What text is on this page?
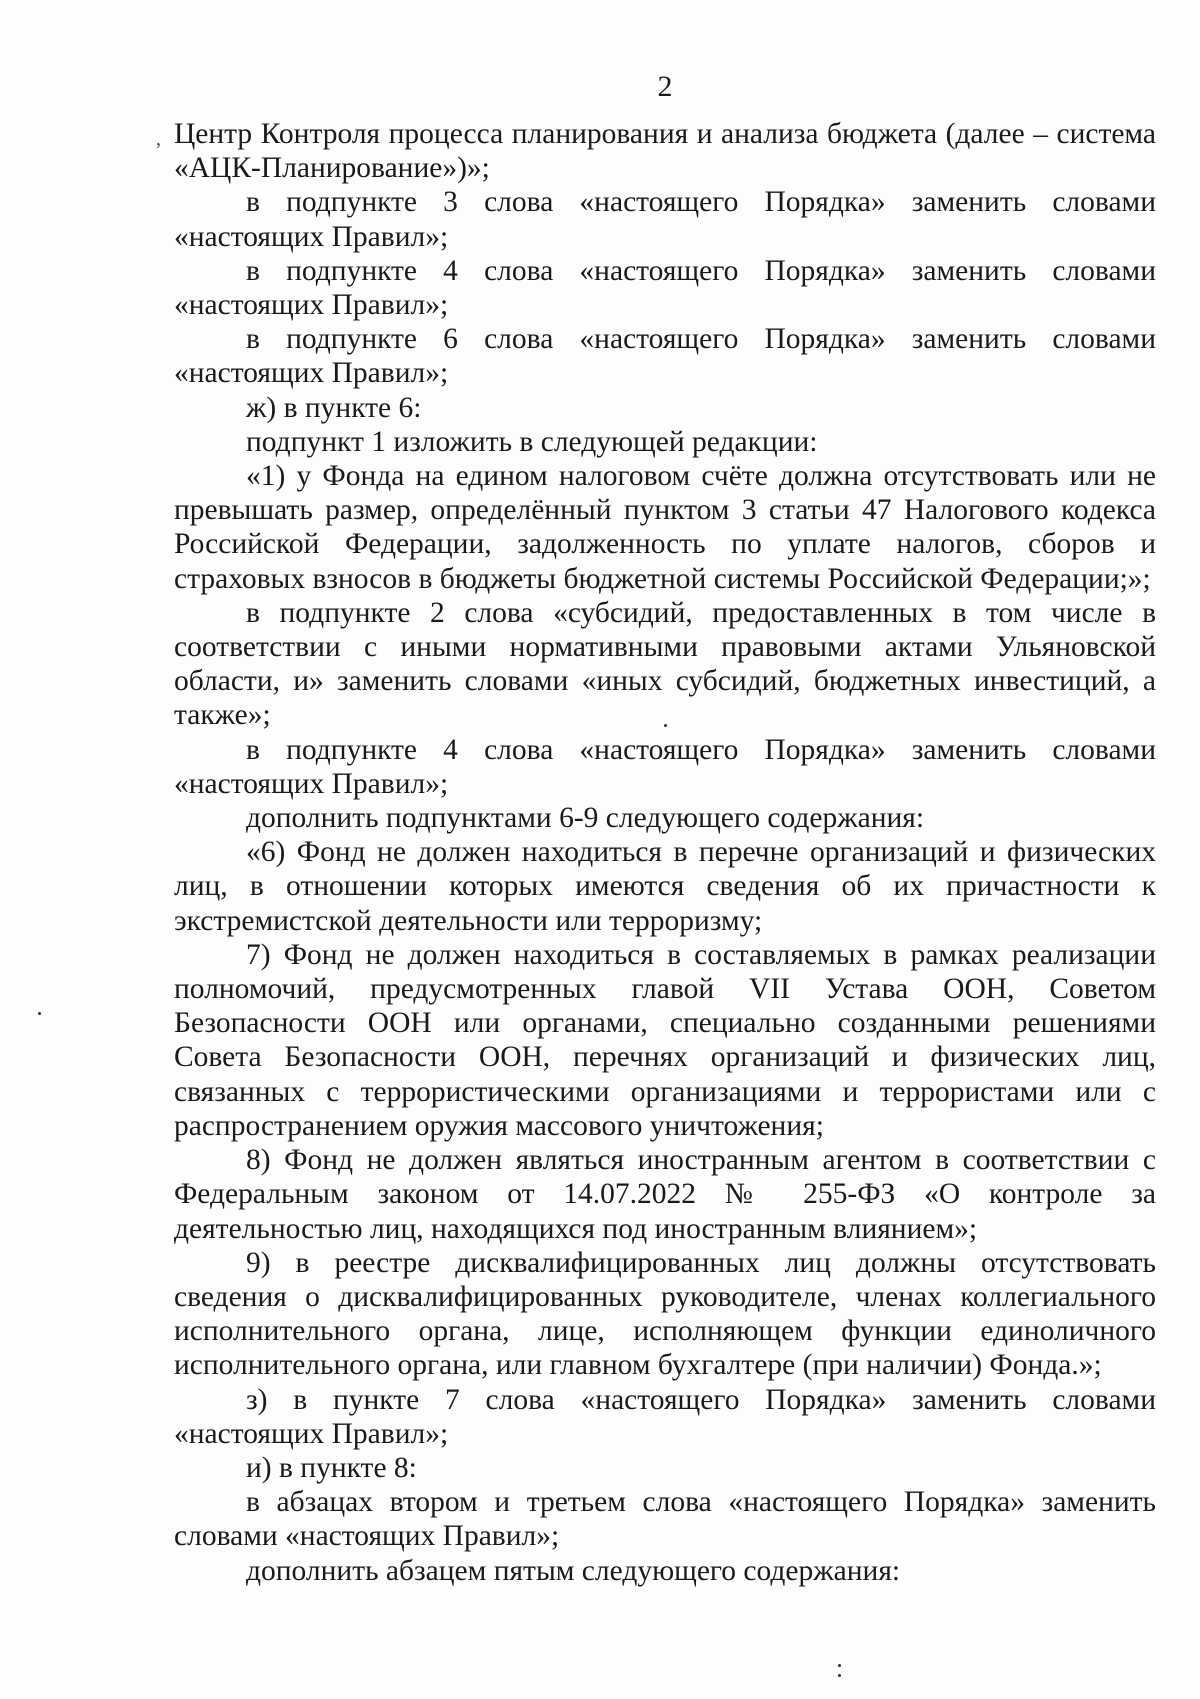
2
, Центр Контроля процесса планирования и анализа бюджета (далее – система «АЦК-Планирование»)»;

в подпункте 3 слова «настоящего Порядка» заменить словами «настоящих Правил»;

в подпункте 4 слова «настоящего Порядка» заменить словами «настоящих Правил»;

в подпункте 6 слова «настоящего Порядка» заменить словами «настоящих Правил»;

ж) в пункте 6:

подпункт 1 изложить в следующей редакции:

«1) у Фонда на едином налоговом счёте должна отсутствовать или не превышать размер, определённый пунктом 3 статьи 47 Налогового кодекса Российской Федерации, задолженность по уплате налогов, сборов и страховых взносов в бюджеты бюджетной системы Российской Федерации;»;

в подпункте 2 слова «субсидий, предоставленных в том числе в соответствии с иными нормативными правовыми актами Ульяновской области, и» заменить словами «иных субсидий, бюджетных инвестиций, а также»;

в подпункте 4 слова «настоящего Порядка» заменить словами «настоящих Правил»;

дополнить подпунктами 6-9 следующего содержания:

«6) Фонд не должен находиться в перечне организаций и физических лиц, в отношении которых имеются сведения об их причастности к экстремистской деятельности или терроризму;

7) Фонд не должен находиться в составляемых в рамках реализации полномочий, предусмотренных главой VII Устава ООН, Советом Безопасности ООН или органами, специально созданными решениями Совета Безопасности ООН, перечнях организаций и физических лиц, связанных с террористическими организациями и террористами или с распространением оружия массового уничтожения;

8) Фонд не должен являться иностранным агентом в соответствии с Федеральным законом от 14.07.2022 № 255-ФЗ «О контроле за деятельностью лиц, находящихся под иностранным влиянием»;

9) в реестре дисквалифицированных лиц должны отсутствовать сведения о дисквалифицированных руководителе, членах коллегиального исполнительного органа, лице, исполняющем функции единоличного исполнительного органа, или главном бухгалтере (при наличии) Фонда.»;

з) в пункте 7 слова «настоящего Порядка» заменить словами «настоящих Правил»;

и) в пункте 8:

в абзацах втором и третьем слова «настоящего Порядка» заменить словами «настоящих Правил»;

дополнить абзацем пятым следующего содержания:
